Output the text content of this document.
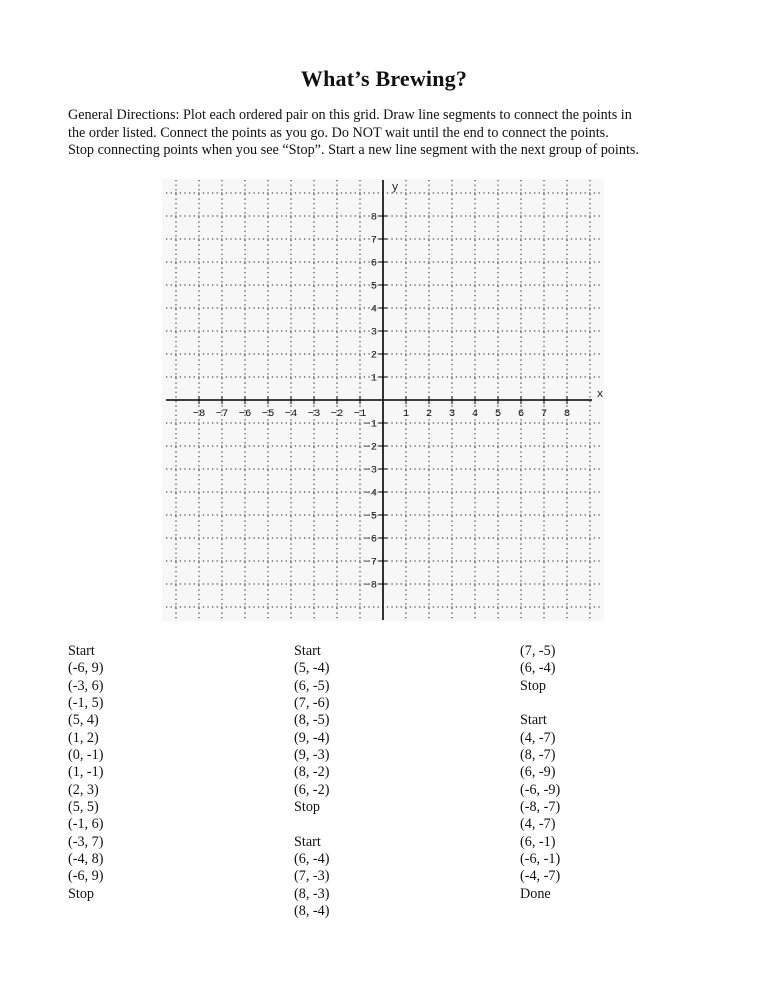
What’s Brewing?
General Directions: Plot each ordered pair on this grid. Draw line segments to connect the points in
the order listed. Connect the points as you go. Do NOT wait until the end to connect the points.
Stop connecting points when you see “Stop”. Start a new line segment with the next group of points.
−8 −7 −6 −5 −4 −3 −2 −1	1 2 3 4 5 6 7 8
8
7
6
5
4
3
2
1
−1
−2
−3
−4
−5
−6
−7
−8
x
y
Start
(-6, 9)
(-3, 6)
(-1, 5)
(5, 4)
(1, 2)
(0, -1)
(1, -1)
(2, 3)
(5, 5)
(-1, 6)
(-3, 7)
(-4, 8)
(-6, 9)
Stop
Start
(5, -4)
(6, -5)
(7, -6)
(8, -5)
(9, -4)
(9, -3)
(8, -2)
(6, -2)
Stop
Start
(6, -4)
(7, -3)
(8, -3)
(8, -4)
(7, -5)
(6, -4)
Stop
Start
(4, -7)
(8, -7)
(6, -9)
(-6, -9)
(-8, -7)
(4, -7)
(6, -1)
(-6, -1)
(-4, -7)
Done
